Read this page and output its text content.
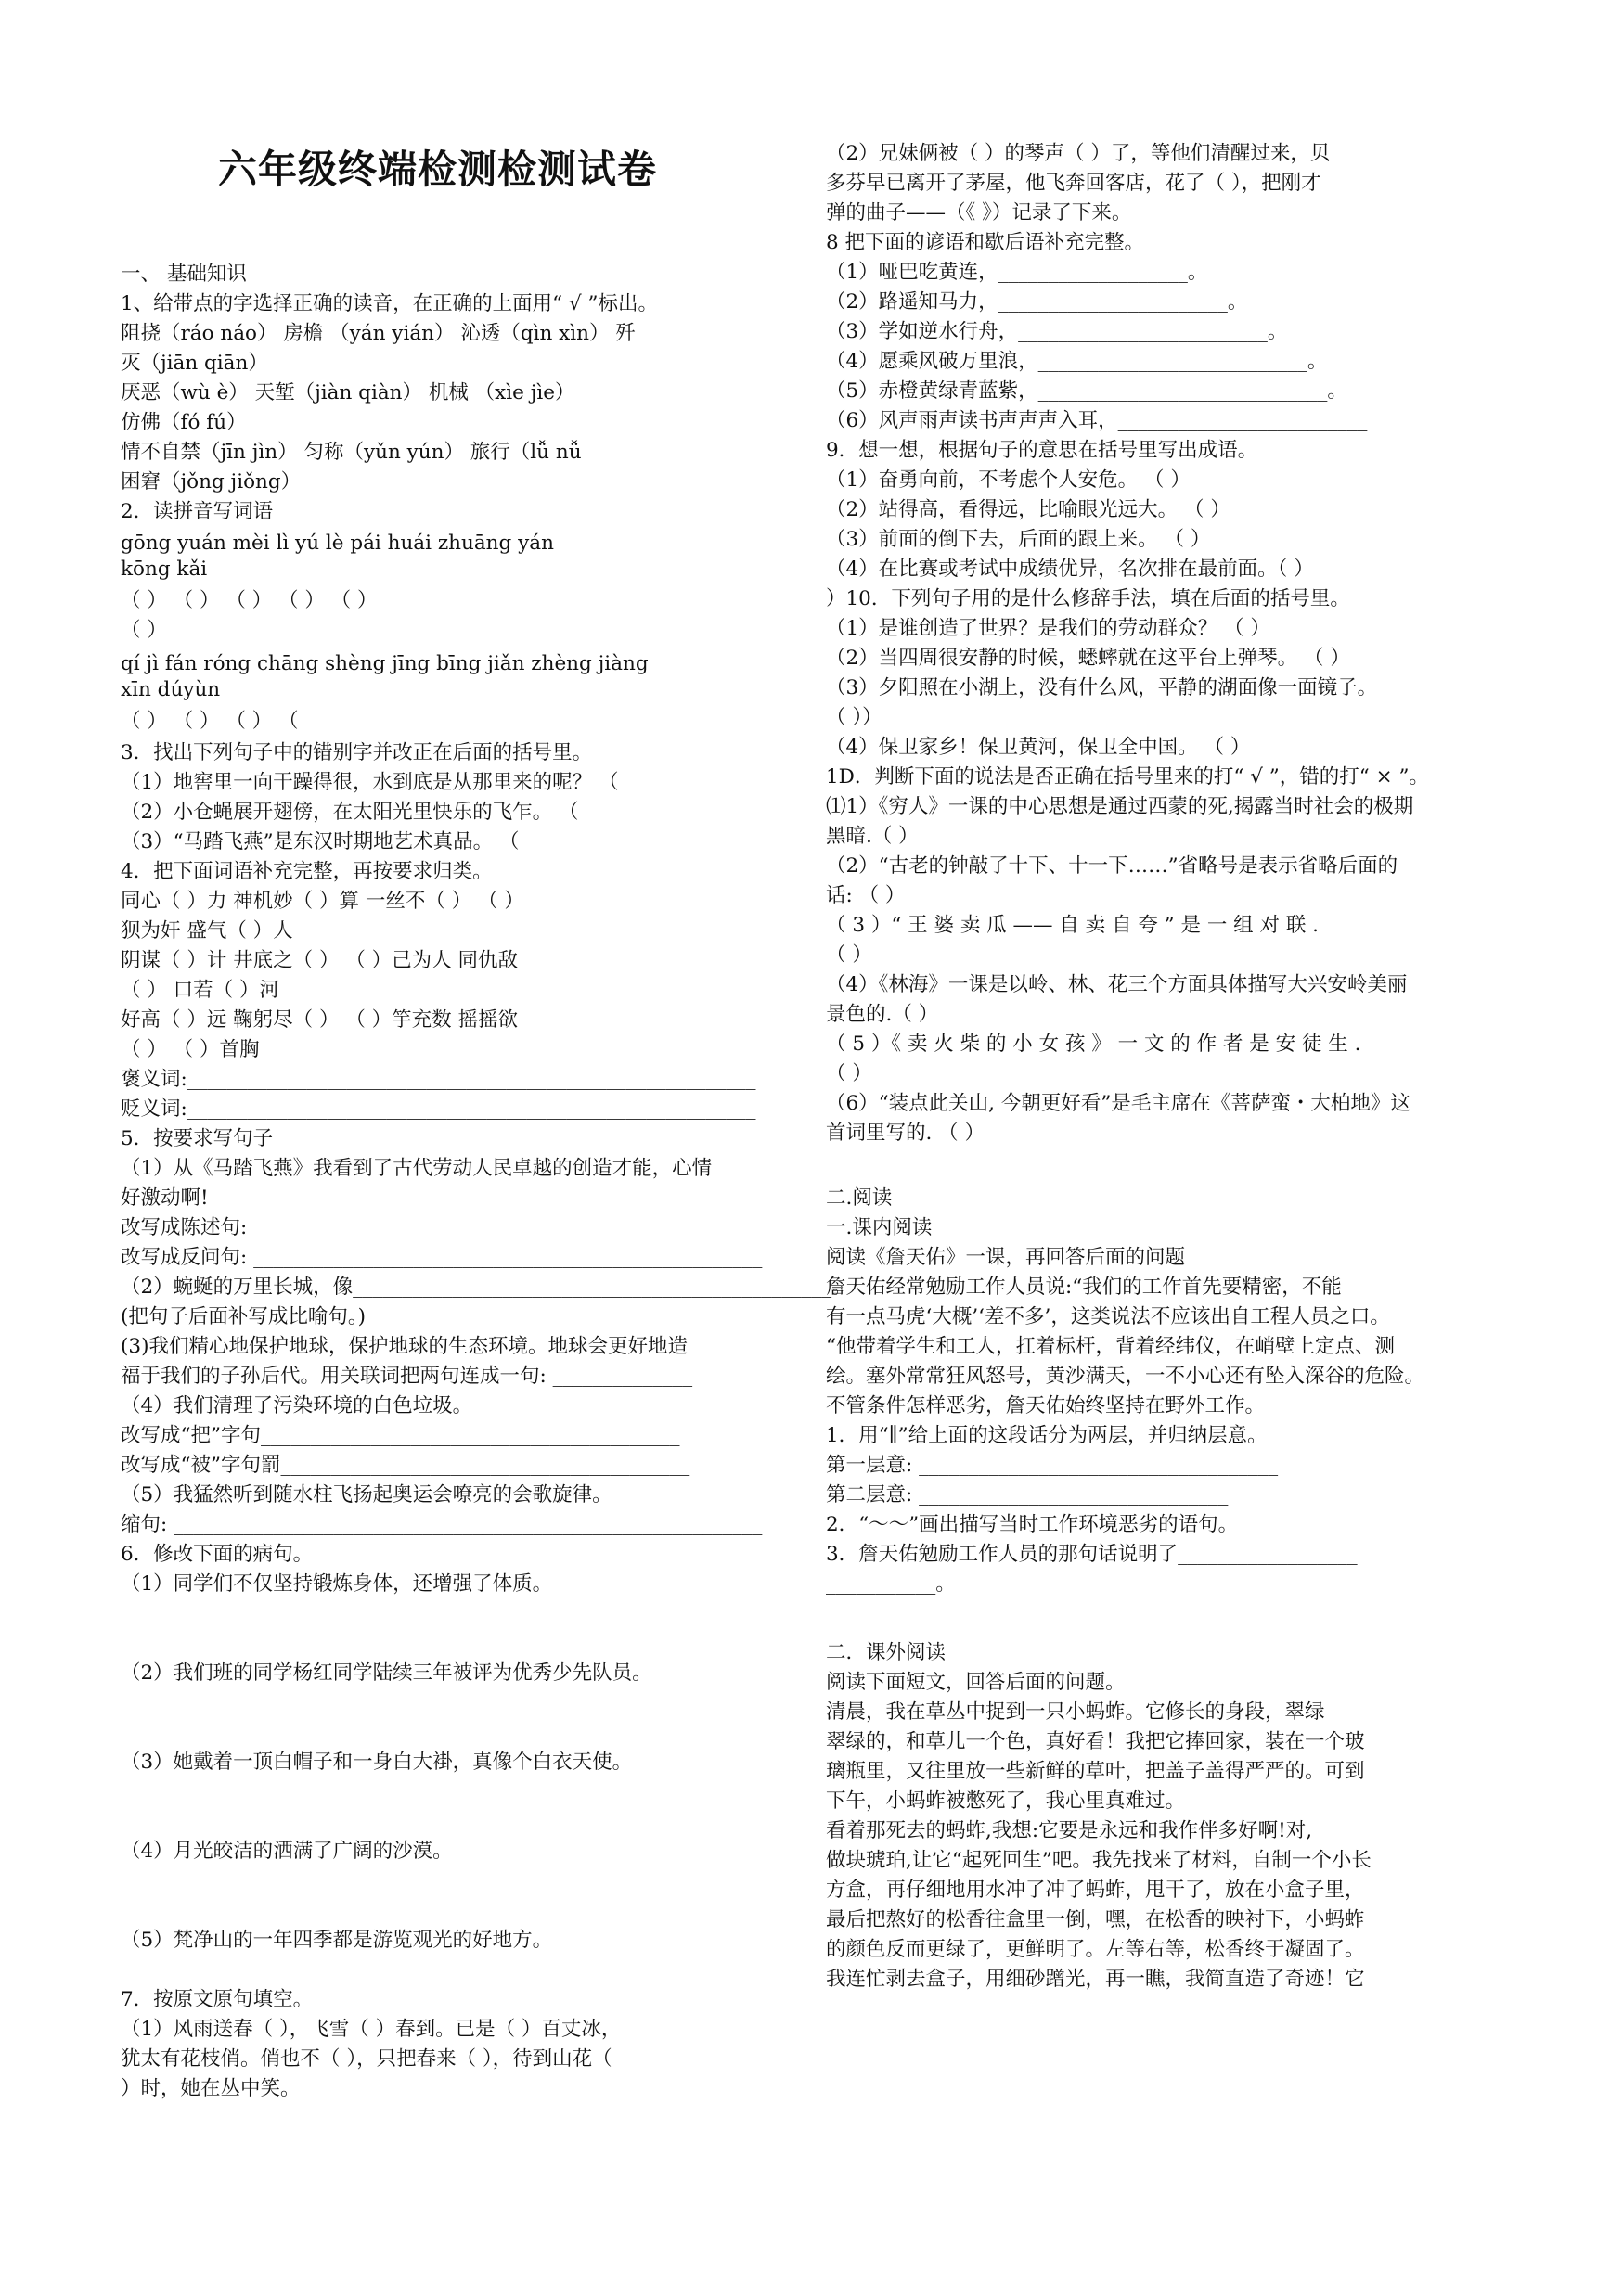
六年级终端检测检测试卷
一、 基础知识
1、给带点的字选择正确的读音，在正确的上面用“ √ ”标出。
阻挠（ráo náo） 房檐 （yán yián） 沁透（qìn xìn） 歼
灭（jiān qiān）
厌恶（wù è） 天堑（jiàn qiàn） 机械 （xìe jìe）
仿佛（fó fú）
情不自禁（jīn jìn） 匀称（yǔn yún） 旅行（lǚ nǚ
困窘（jǒng jiǒng）
2．读拼音写词语
gōng yuán mèi lì yú lè pái huái zhuāng yán
kōng kǎi
（ ） （ ） （ ） （ ） （ ）
（ ）
qí jì fán róng chāng shèng jīng bīng jiǎn zhèng jiàng
xīn dúyùn
（ ） （ ） （ ） （
3．找出下列句子中的错别字并改正在后面的括号里。
（1）地窖里一向干躁得很，水到底是从那里来的呢？ （
（2）小仓蝇展开翅傍，在太阳光里快乐的飞乍。 （
（3）“马踏飞燕”是东汉时期地艺术真品。 （
4．把下面词语补充完整，再按要求归类。
同心（ ）力 神机妙（ ）算 一丝不（ ） （ ）
狈为奸 盛气（ ）人
阴谋（ ）计 井底之（ ） （ ）己为人 同仇敌
（ ） 口若（ ）河
好高（ ）远 鞠躬尽（ ） （ ）竽充数 摇摇欲
（ ） （ ）首胸
褒义词:_________________________________________________________
贬义词:_________________________________________________________
5．按要求写句子
（1）从《马踏飞燕》我看到了古代劳动人民卓越的创造才能，心情
好激动啊!
改写成陈述句: ___________________________________________________
改写成反问句: ___________________________________________________
（2）蜿蜒的万里长城，像________________________________________________。
(把句子后面补写成比喻句。)
(3)我们精心地保护地球，保护地球的生态环境。地球会更好地造
福于我们的子孙后代。用关联词把两句连成一句: ______________
（4）我们清理了污染环境的白色垃圾。
改写成“把”字句__________________________________________
改写成“被”字句罰_________________________________________
（5）我猛然听到随水柱飞扬起奥运会嘹亮的会歌旋律。
缩句: ___________________________________________________________
6．修改下面的病句。
（1）同学们不仅坚持锻炼身体，还增强了体质。
（2）我们班的同学杨红同学陆续三年被评为优秀少先队员。
（3）她戴着一顶白帽子和一身白大褂，真像个白衣天使。
（4）月光皎洁的洒满了广阔的沙漠。
（5）梵净山的一年四季都是游览观光的好地方。
7．按原文原句填空。
（1）风雨送春（ ），飞雪（ ）春到。已是（ ）百丈冰，
犹太有花枝俏。俏也不（ ），只把春来（ ），待到山花（
）时，她在丛中笑。
（2）兄妹俩被（ ）的琴声（ ）了，等他们清醒过来，贝
多芬早已离开了茅屋，他飞奔回客店，花了（ ），把刚才
弹的曲子——（《 》）记录了下来。
8 把下面的谚语和歇后语补充完整。
（1）哑巴吃黄连，___________________。
（2）路遥知马力，_______________________。
（3）学如逆水行舟，_________________________。
（4）愿乘风破万里浪，___________________________。
（5）赤橙黄绿青蓝紫，_____________________________。
（6）风声雨声读书声声声入耳，_________________________
9．想一想，根据句子的意思在括号里写出成语。
（1）奋勇向前，不考虑个人安危。 （ ）
（2）站得高，看得远，比喻眼光远大。 （ ）
（3）前面的倒下去，后面的跟上来。 （ ）
（4）在比赛或考试中成绩优异，名次排在最前面。（ ）
）10．下列句子用的是什么修辞手法，填在后面的括号里。
（1）是谁创造了世界？是我们的劳动群众？ （ ）
（2）当四周很安静的时候，蟋蟀就在这平台上弹琴。 （ ）
（3）夕阳照在小湖上，没有什么风，平静的湖面像一面镜子。
（ ））
（4）保卫家乡！保卫黄河，保卫全中国。 （ ）
1D．判断下面的说法是否正确在括号里来的打“ √ ”，错的打“ × ”。
⑴1）《穷人》一课的中心思想是通过西蒙的死,揭露当时社会的极期
黑暗.（ ）
（2）“古老的钟敲了十下、十一下……”省略号是表示省略后面的
话: （ ）
（ 3 ）“ 王 婆 卖 瓜 —— 自 卖 自 夸 ” 是 一 组 对 联 .
（ ）
（4）《林海》一课是以岭、林、花三个方面具体描写大兴安岭美丽
景色的.（ ）
（ 5 ）《 卖 火 柴 的 小 女 孩 》 一 文 的 作 者 是 安 徒 生 .
（ ）
（6）“装点此关山, 今朝更好看”是毛主席在《菩萨蛮・大柏地》这
首词里写的. （ ）
二.阅读
一.课内阅读
阅读《詹天佑》一课，再回答后面的问题
詹天佑经常勉励工作人员说:“我们的工作首先要精密，不能
有一点马虎‘大概’‘差不多’，这类说法不应该出自工程人员之口。
“他带着学生和工人，扛着标杆，背着经纬仪，在峭壁上定点、测
绘。塞外常常狂风怒号，黄沙满天，一不小心还有坠入深谷的危险。
不管条件怎样恶劣，詹天佑始终坚持在野外工作。
1．用“∥”给上面的这段话分为两层，并归纳层意。
第一层意: ____________________________________
第二层意: _______________________________
2．“～～”画出描写当时工作环境恶劣的语句。
3．詹天佑勉励工作人员的那句话说明了__________________
___________。
二．课外阅读
阅读下面短文，回答后面的问题。
清晨，我在草丛中捉到一只小蚂蚱。它修长的身段，翠绿
翠绿的，和草儿一个色，真好看！我把它捧回家，装在一个玻
璃瓶里，又往里放一些新鲜的草叶，把盖子盖得严严的。可到
下午，小蚂蚱被憋死了，我心里真难过。
看着那死去的蚂蚱,我想:它要是永远和我作伴多好啊!对,
做块琥珀,让它“起死回生”吧。我先找来了材料，自制一个小长
方盒，再仔细地用水冲了冲了蚂蚱，甩干了，放在小盒子里，
最后把熬好的松香往盒里一倒，嘿，在松香的映衬下，小蚂蚱
的颜色反而更绿了，更鲜明了。左等右等，松香终于凝固了。
我连忙剥去盒子，用细砂蹭光，再一瞧，我简直造了奇迹！它
